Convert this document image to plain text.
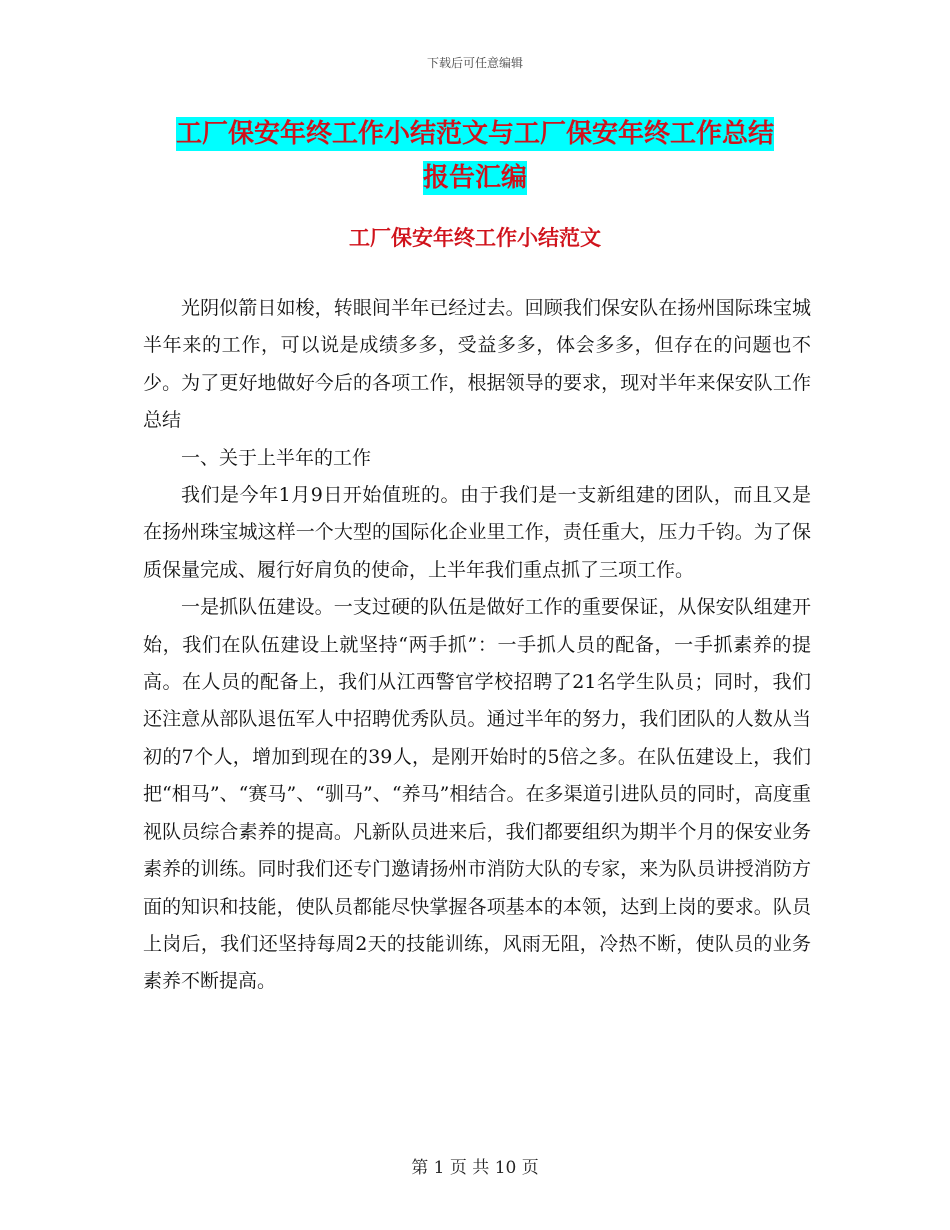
下载后可任意编辑
工厂保安年终工作小结范文与工厂保安年终工作总结
报告汇编
工厂保安年终工作小结范文

光阴似箭日如梭，转眼间半年已经过去。回顾我们保安队在扬州国际珠宝城半年来的工作，可以说是成绩多多，受益多多，体会多多，但存在的问题也不少。为了更好地做好今后的各项工作，根据领导的要求，现对半年来保安队工作总结

一、关于上半年的工作

我们是今年1月9日开始值班的。由于我们是一支新组建的团队，而且又是在扬州珠宝城这样一个大型的国际化企业里工作，责任重大，压力千钧。为了保质保量完成、履行好肩负的使命，上半年我们重点抓了三项工作。

一是抓队伍建设。一支过硬的队伍是做好工作的重要保证，从保安队组建开始，我们在队伍建设上就坚持“两手抓”：一手抓人员的配备，一手抓素养的提高。在人员的配备上，我们从江西警官学校招聘了21名学生队员；同时，我们还注意从部队退伍军人中招聘优秀队员。通过半年的努力，我们团队的人数从当初的7个人，增加到现在的39人，是刚开始时的5倍之多。在队伍建设上，我们把“相马”、“赛马”、“驯马”、“养马”相结合。在多渠道引进队员的同时，高度重视队员综合素养的提高。凡新队员进来后，我们都要组织为期半个月的保安业务素养的训练。同时我们还专门邀请扬州市消防大队的专家，来为队员讲授消防方面的知识和技能，使队员都能尽快掌握各项基本的本领，达到上岗的要求。队员上岗后，我们还坚持每周2天的技能训练，风雨无阻，冷热不断，使队员的业务素养不断提高。

第 1 页 共 10 页
